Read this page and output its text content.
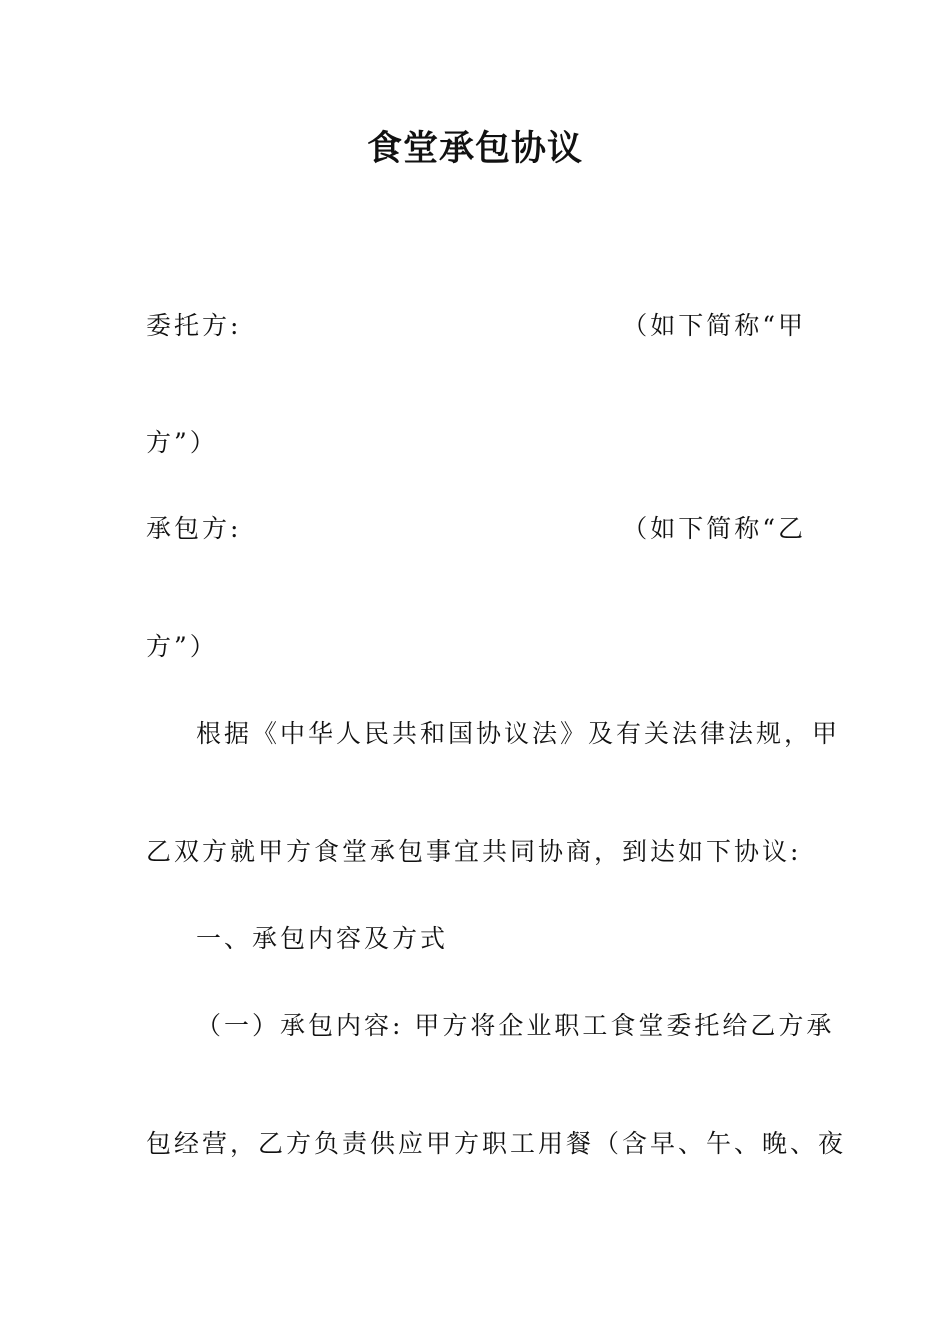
食堂承包协议
委托方:	（如下简称“甲
方”）
承包方:	（如下简称“乙
方”）
根据《中华人民共和国协议法》及有关法律法规，甲
乙双方就甲方食堂承包事宜共同协商，到达如下协议:
一、承包内容及方式
（一）承包内容: 甲方将企业职工食堂委托给乙方承
包经营，乙方负责供应甲方职工用餐（含早、午、晚、夜
